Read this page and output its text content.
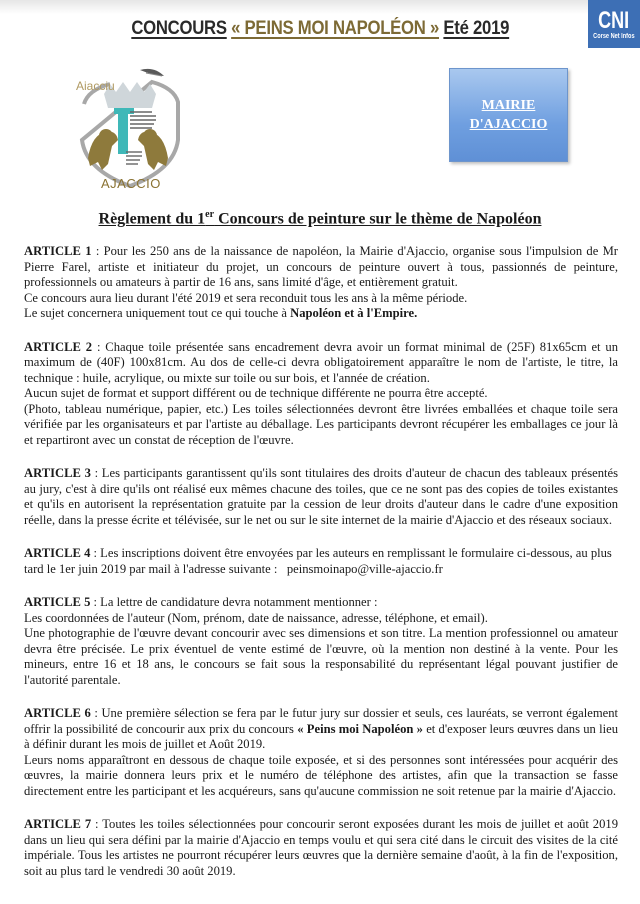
CONCOURS « PEINS MOI NAPOLÉON » Eté 2019	CNI
Corse Net Infos
Aiacciu
AJACCIO
MAIRIE
D'AJACCIO
Règlement du 1er Concours de peinture sur le thème de Napoléon

ARTICLE 1 : Pour les 250 ans de la naissance de napoléon, la Mairie d'Ajaccio, organise sous l'impulsion de Mr Pierre Farel, artiste et initiateur du projet, un concours de peinture ouvert à tous, passionnés de peinture, professionnels ou amateurs à partir de 16 ans, sans limité d'âge, et entièrement gratuit.

Ce concours aura lieu durant l'été 2019 et sera reconduit tous les ans à la même période.

Le sujet concernera uniquement tout ce qui touche à Napoléon et à l'Empire.

ARTICLE 2 : Chaque toile présentée sans encadrement devra avoir un format minimal de (25F) 81x65cm et un maximum de (40F) 100x81cm. Au dos de celle-ci devra obligatoirement apparaître le nom de l'artiste, le titre, la technique : huile, acrylique, ou mixte sur toile ou sur bois, et l'année de création.

Aucun sujet de format et support différent ou de technique différente ne pourra être accepté.

(Photo, tableau numérique, papier, etc.) Les toiles sélectionnées devront être livrées emballées et chaque toile sera vérifiée par les organisateurs et par l'artiste au déballage. Les participants devront récupérer les emballages ce jour là et repartiront avec un constat de réception de l'œuvre.

ARTICLE 3 : Les participants garantissent qu'ils sont titulaires des droits d'auteur de chacun des tableaux présentés au jury, c'est à dire qu'ils ont réalisé eux mêmes chacune des toiles, que ce ne sont pas des copies de toiles existantes et qu'ils en autorisent la représentation gratuite par la cession de leur droits d'auteur dans le cadre d'une exposition réelle, dans la presse écrite et télévisée, sur le net ou sur le site internet de la mairie d'Ajaccio et des réseaux sociaux.

ARTICLE 4 : Les inscriptions doivent être envoyées par les auteurs en remplissant le formulaire ci-dessous, au plus tard le 1er juin 2019 par mail à l'adresse suivante :   peinsmoinapo@ville-ajaccio.fr

ARTICLE 5 : La lettre de candidature devra notamment mentionner :

Les coordonnées de l'auteur (Nom, prénom, date de naissance, adresse, téléphone, et email).

Une photographie de l'œuvre devant concourir avec ses dimensions et son titre. La mention professionnel ou amateur devra être précisée. Le prix éventuel de vente estimé de l'œuvre, où la mention non destiné à la vente. Pour les mineurs, entre 16 et 18 ans, le concours se fait sous la responsabilité du représentant légal pouvant justifier de l'autorité parentale.

ARTICLE 6 : Une première sélection se fera par le futur jury sur dossier et seuls, ces lauréats, se verront également offrir la possibilité de concourir aux prix du concours « Peins moi Napoléon » et d'exposer leurs œuvres dans un lieu à définir durant les mois de juillet et Août 2019.

Leurs noms apparaîtront en dessous de chaque toile exposée, et si des personnes sont intéressées pour acquérir des œuvres, la mairie donnera leurs prix et le numéro de téléphone des artistes, afin que la transaction se fasse directement entre les participant et les acquéreurs, sans qu'aucune commission ne soit retenue par la mairie d'Ajaccio.

ARTICLE 7 : Toutes les toiles sélectionnées pour concourir seront exposées durant les mois de juillet et août 2019 dans un lieu qui sera défini par la mairie d'Ajaccio en temps voulu et qui sera cité dans le circuit des visites de la cité impériale. Tous les artistes ne pourront récupérer leurs œuvres que la dernière semaine d'août, à la fin de l'exposition, soit au plus tard le vendredi 30 août 2019.
